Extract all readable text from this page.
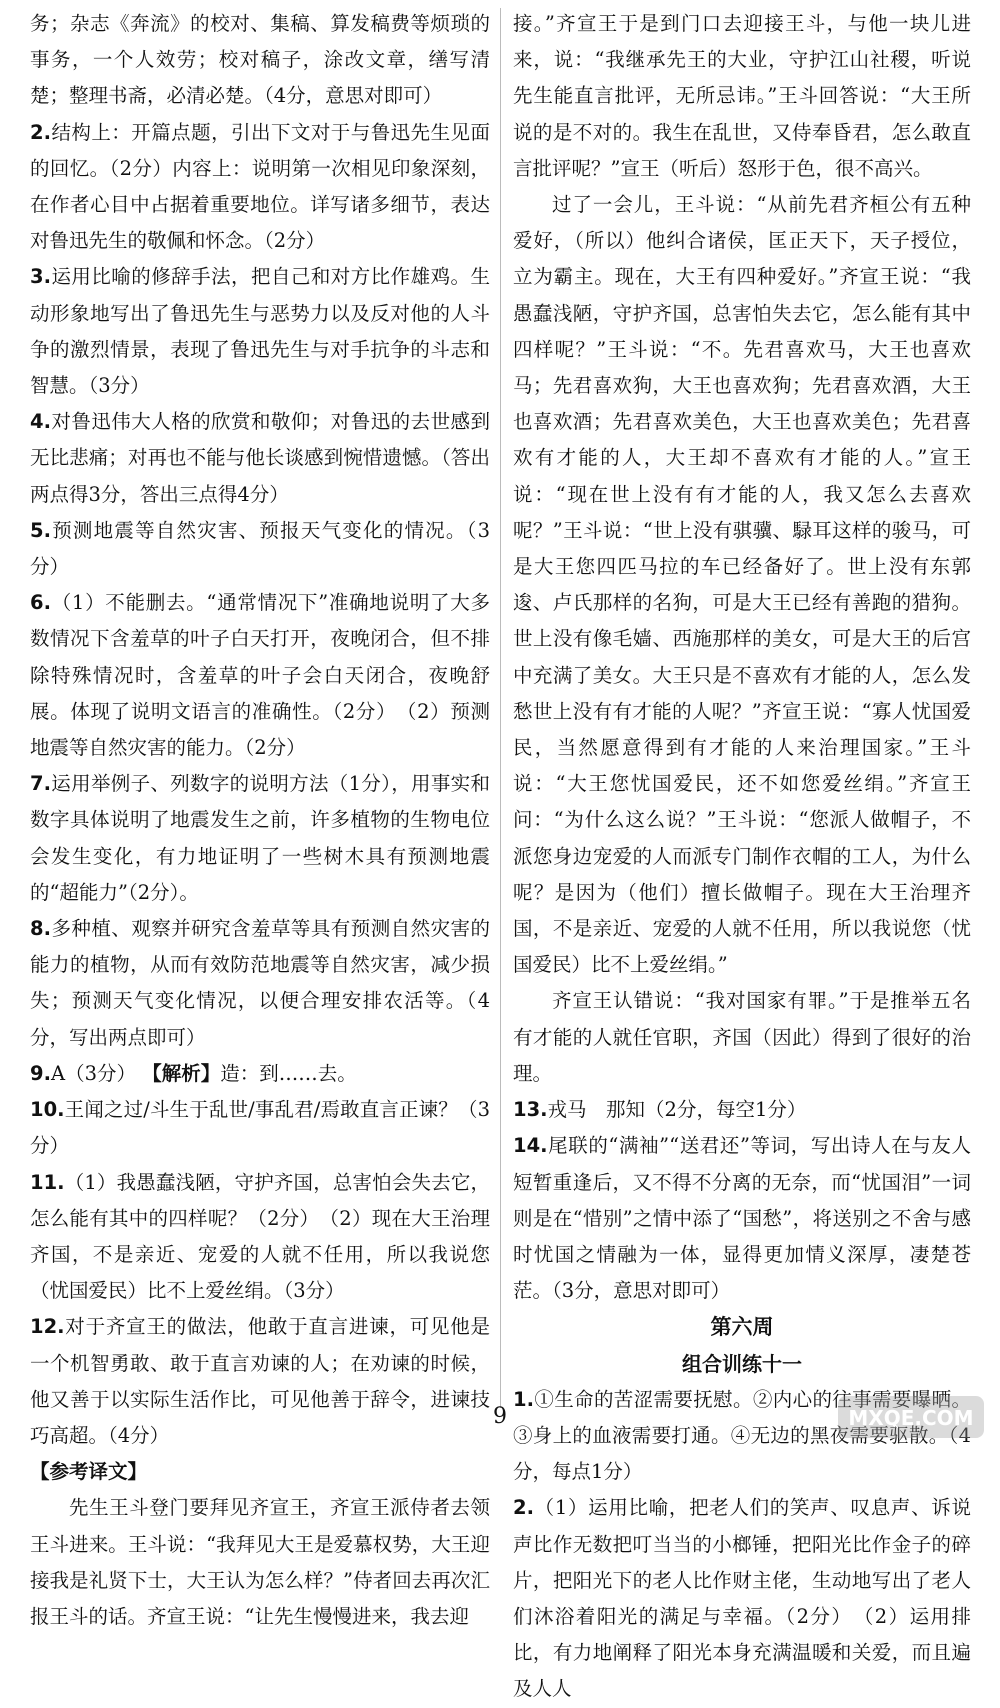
务；杂志《奔流》的校对、集稿、算发稿费等烦琐的事务，一个人效劳；校对稿子，涂改文章，缮写清楚；整理书斋，必清必楚。（4分，意思对即可）

2.结构上：开篇点题，引出下文对于与鲁迅先生见面的回忆。（2分）内容上：说明第一次相见印象深刻，在作者心目中占据着重要地位。详写诸多细节，表达对鲁迅先生的敬佩和怀念。（2分）

3.运用比喻的修辞手法，把自己和对方比作雄鸡。生动形象地写出了鲁迅先生与恶势力以及反对他的人斗争的激烈情景，表现了鲁迅先生与对手抗争的斗志和智慧。（3分）

4.对鲁迅伟大人格的欣赏和敬仰；对鲁迅的去世感到无比悲痛；对再也不能与他长谈感到惋惜遗憾。（答出两点得3分，答出三点得4分）

5.预测地震等自然灾害、预报天气变化的情况。（3分）

6.（1）不能删去。“通常情况下”准确地说明了大多数情况下含羞草的叶子白天打开，夜晚闭合，但不排除特殊情况时，含羞草的叶子会白天闭合，夜晚舒展。体现了说明文语言的准确性。（2分）　（2）预测地震等自然灾害的能力。（2分）

7.运用举例子、列数字的说明方法（1分），用事实和数字具体说明了地震发生之前，许多植物的生物电位会发生变化，有力地证明了一些树木具有预测地震的“超能力”（2分）。

8.多种植、观察并研究含羞草等具有预测自然灾害的能力的植物，从而有效防范地震等自然灾害，减少损失；预测天气变化情况，以便合理安排农活等。（4分，写出两点即可）

9.A（3分） 【解析】造：到……去。

10.王闻之过/斗生于乱世/事乱君/焉敢直言正谏？（3分）

11.（1）我愚蠢浅陋，守护齐国，总害怕会失去它，怎么能有其中的四样呢？（2分）　（2）现在大王治理齐国，不是亲近、宠爱的人就不任用，所以我说您（忧国爱民）比不上爱丝绢。（3分）

12.对于齐宣王的做法，他敢于直言进谏，可见他是一个机智勇敢、敢于直言劝谏的人；在劝谏的时候，他又善于以实际生活作比，可见他善于辞令，进谏技巧高超。（4分）

【参考译文】

先生王斗登门要拜见齐宣王，齐宣王派侍者去领王斗进来。王斗说：“我拜见大王是爱慕权势，大王迎接我是礼贤下士，大王认为怎么样？”侍者回去再次汇报王斗的话。齐宣王说：“让先生慢慢进来，我去迎

接。”齐宣王于是到门口去迎接王斗，与他一块儿进来，说：“我继承先王的大业，守护江山社稷，听说先生能直言批评，无所忌讳。”王斗回答说：“大王所说的是不对的。我生在乱世，又侍奉昏君，怎么敢直言批评呢？”宣王（听后）怒形于色，很不高兴。

过了一会儿，王斗说：“从前先君齐桓公有五种爱好，（所以）他纠合诸侯，匡正天下，天子授位，立为霸主。现在，大王有四种爱好。”齐宣王说：“我愚蠢浅陋，守护齐国，总害怕失去它，怎么能有其中四样呢？”王斗说：“不。先君喜欢马，大王也喜欢马；先君喜欢狗，大王也喜欢狗；先君喜欢酒，大王也喜欢酒；先君喜欢美色，大王也喜欢美色；先君喜欢有才能的人，大王却不喜欢有才能的人。”宣王说：“现在世上没有有才能的人，我又怎么去喜欢呢？”王斗说：“世上没有骐骥、騄耳这样的骏马，可是大王您四匹马拉的车已经备好了。世上没有东郭逡、卢氏那样的名狗，可是大王已经有善跑的猎狗。世上没有像毛嫱、西施那样的美女，可是大王的后宫中充满了美女。大王只是不喜欢有才能的人，怎么发愁世上没有有才能的人呢？”齐宣王说：“寡人忧国爱民，当然愿意得到有才能的人来治理国家。”王斗说：“大王您忧国爱民，还不如您爱丝绢。”齐宣王问：“为什么这么说？”王斗说：“您派人做帽子，不派您身边宠爱的人而派专门制作衣帽的工人，为什么呢？是因为（他们）擅长做帽子。现在大王治理齐国，不是亲近、宠爱的人就不任用，所以我说您（忧国爱民）比不上爱丝绢。”

齐宣王认错说：“我对国家有罪。”于是推举五名有才能的人就任官职，齐国（因此）得到了很好的治理。

13.戎马　那知（2分，每空1分）

14.尾联的“满袖”“送君还”等词，写出诗人在与友人短暂重逢后，又不得不分离的无奈，而“忧国泪”一词则是在“惜别”之情中添了“国愁”，将送别之不舍与感时忧国之情融为一体，显得更加情义深厚，凄楚苍茫。（3分，意思对即可）

第六周

组合训练十一

1.①生命的苦涩需要抚慰。②内心的往事需要曝晒。③身上的血液需要打通。④无边的黑夜需要驱散。（4分，每点1分）

2.（1）运用比喻，把老人们的笑声、叹息声、诉说声比作无数把叮当当的小榔锤，把阳光比作金子的碎片，把阳光下的老人比作财主佬，生动地写出了老人们沐浴着阳光的满足与幸福。（2分）　（2）运用排比，有力地阐释了阳光本身充满温暖和关爱，而且遍及人人

9	MXQE.COM
